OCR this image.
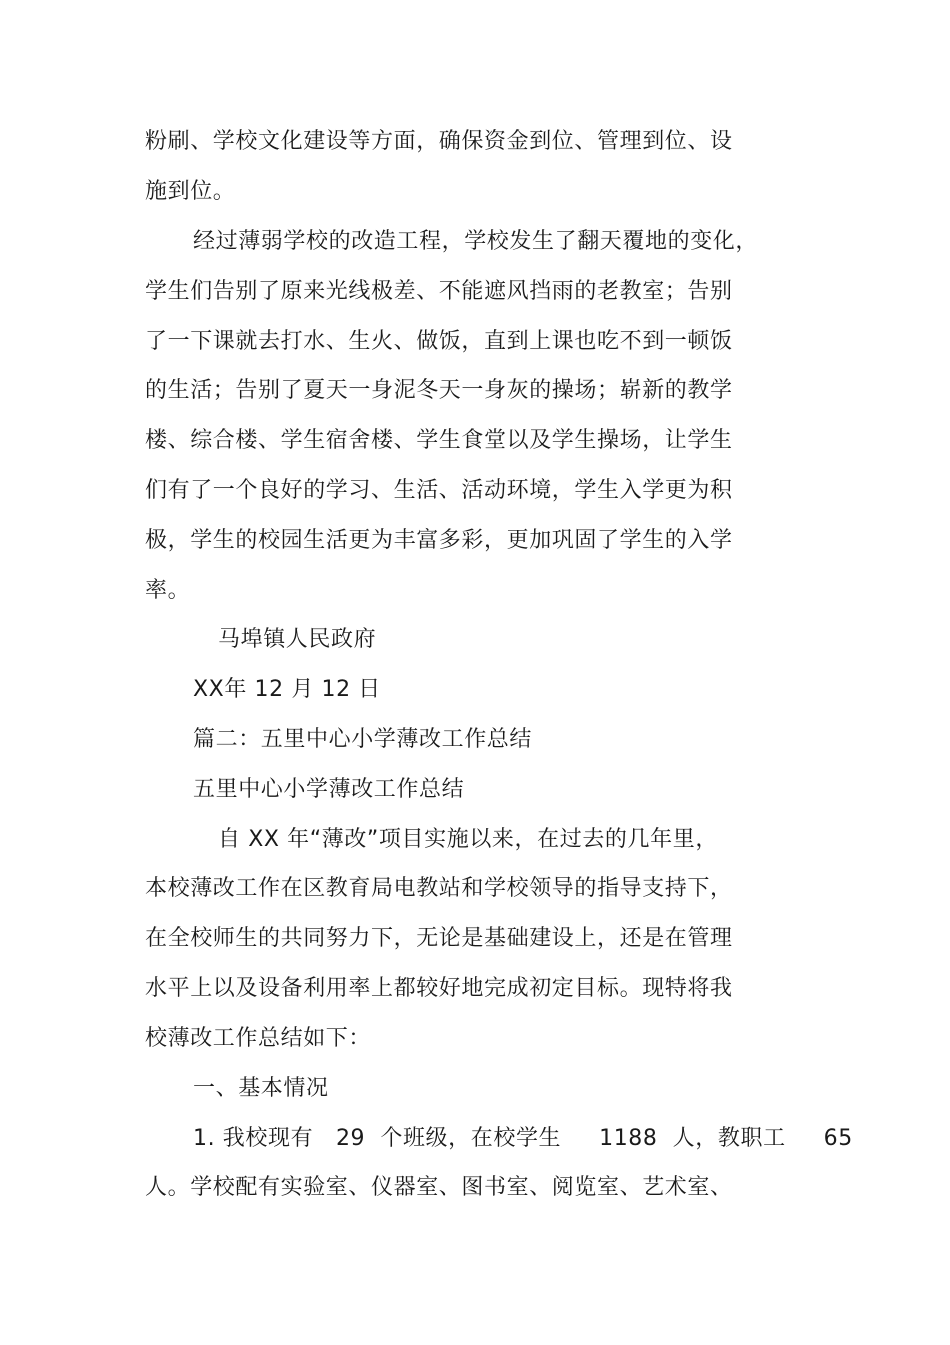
粉刷、学校文化建设等方面，确保资金到位、管理到位、设
施到位。
经过薄弱学校的改造工程，学校发生了翻天覆地的变化，
学生们告别了原来光线极差、不能遮风挡雨的老教室；告别
了一下课就去打水、生火、做饭，直到上课也吃不到一顿饭
的生活；告别了夏天一身泥冬天一身灰的操场；崭新的教学
楼、综合楼、学生宿舍楼、学生食堂以及学生操场，让学生
们有了一个良好的学习、生活、活动环境，学生入学更为积
极，学生的校园生活更为丰富多彩，更加巩固了学生的入学
率。
马埠镇人民政府
XX年 12 月 12 日
篇二：五里中心小学薄改工作总结
五里中心小学薄改工作总结
自 XX 年“薄改”项目实施以来，在过去的几年里，
本校薄改工作在区教育局电教站和学校领导的指导支持下，
在全校师生的共同努力下，无论是基础建设上，还是在管理
水平上以及设备利用率上都较好地完成初定目标。现特将我
校薄改工作总结如下：
一、基本情况
1. 我校现有   29  个班级，在校学生     1188  人，教职工     65
人。学校配有实验室、仪器室、图书室、阅览室、艺术室、
